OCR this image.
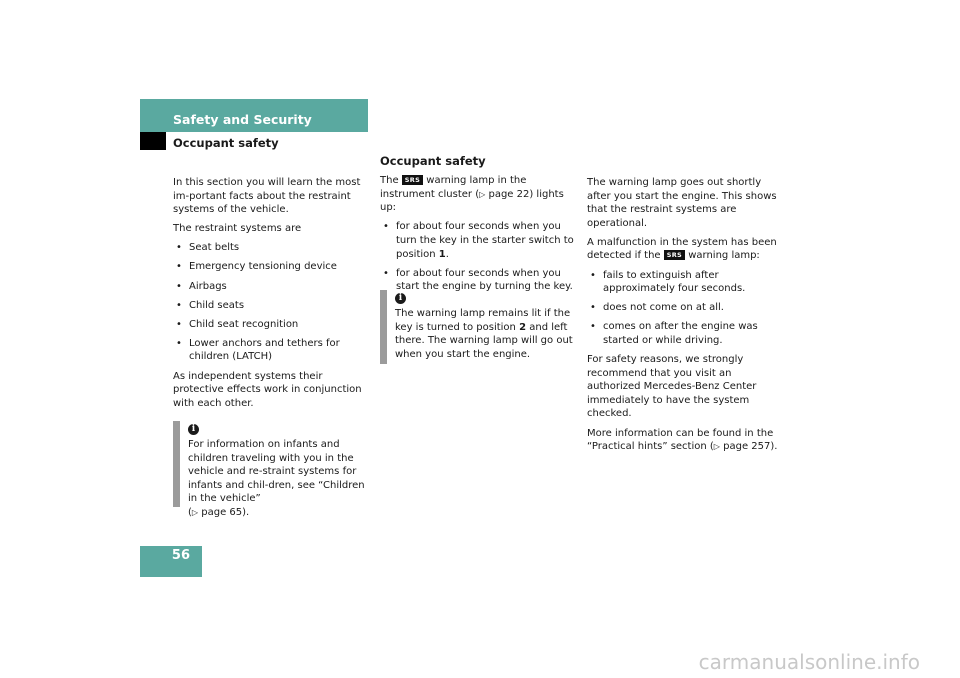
Safety and Security
Occupant safety

In this section you will learn the most im-portant facts about the restraint systems of the vehicle.

The restraint systems are

• Seat belts
• Emergency tensioning device
• Airbags
• Child seats
• Child seat recognition
• Lower anchors and tethers for children (LATCH)

As independent systems their protective effects work in conjunction with each other.

i
For information on infants and children traveling with you in the vehicle and re-straint systems for infants and chil-dren, see “Children in the vehicle”
(▷ page 65).

Occupant safety

The SRS warning lamp in the instrument cluster (▷ page 22) lights up:

• for about four seconds when you turn the key in the starter switch to position 1.
• for about four seconds when you start the engine by turning the key.
i
The warning lamp remains lit if the key is turned to position 2 and left there. The warning lamp will go out when you start the engine.

The warning lamp goes out shortly after you start the engine. This shows that the restraint systems are operational.

A malfunction in the system has been detected if the SRS warning lamp:

• fails to extinguish after approximately four seconds.
• does not come on at all.
• comes on after the engine was started or while driving.

For safety reasons, we strongly recommend that you visit an authorized Mercedes-Benz Center immediately to have the system checked.

More information can be found in the “Practical hints” section (▷ page 257).

56
carmanualsonline.info
